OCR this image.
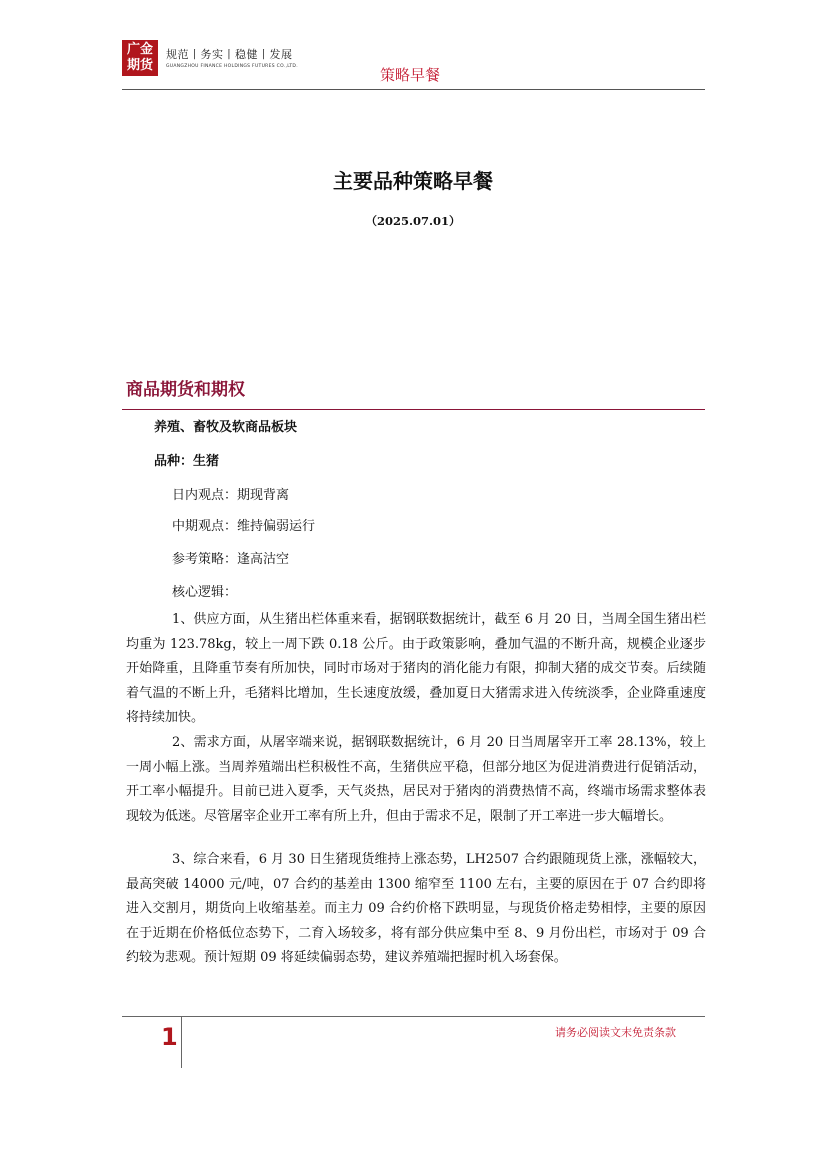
广金
期货
规范丨务实丨稳健丨发展
GUANGZHOU FINANCE HOLDINGS FUTURES CO.,LTD.	策略早餐
主要品种策略早餐
（2025.07.01）
商品期货和期权
养殖、畜牧及软商品板块
品种：生猪
日内观点：期现背离
中期观点：维持偏弱运行
参考策略：逢高沽空
核心逻辑：

1、供应方面，从生猪出栏体重来看，据钢联数据统计，截至 6 月 20 日，当周全国生猪出栏均重为 123.78kg，较上一周下跌 0.18 公斤。由于政策影响，叠加气温的不断升高，规模企业逐步开始降重，且降重节奏有所加快，同时市场对于猪肉的消化能力有限，抑制大猪的成交节奏。后续随着气温的不断上升，毛猪料比增加，生长速度放缓，叠加夏日大猪需求进入传统淡季，企业降重速度将持续加快。

2、需求方面，从屠宰端来说，据钢联数据统计，6 月 20 日当周屠宰开工率 28.13%，较上一周小幅上涨。当周养殖端出栏积极性不高，生猪供应平稳，但部分地区为促进消费进行促销活动，开工率小幅提升。目前已进入夏季，天气炎热，居民对于猪肉的消费热情不高，终端市场需求整体表现较为低迷。尽管屠宰企业开工率有所上升，但由于需求不足，限制了开工率进一步大幅增长。

3、综合来看，6 月 30 日生猪现货维持上涨态势，LH2507 合约跟随现货上涨，涨幅较大，最高突破 14000 元/吨，07 合约的基差由 1300 缩窄至 1100 左右，主要的原因在于 07 合约即将进入交割月，期货向上收缩基差。而主力 09 合约价格下跌明显，与现货价格走势相悖，主要的原因在于近期在价格低位态势下，二育入场较多，将有部分供应集中至 8、9 月份出栏，市场对于 09 合约较为悲观。预计短期 09 将延续偏弱态势，建议养殖端把握时机入场套保。

1	请务必阅读文末免责条款
